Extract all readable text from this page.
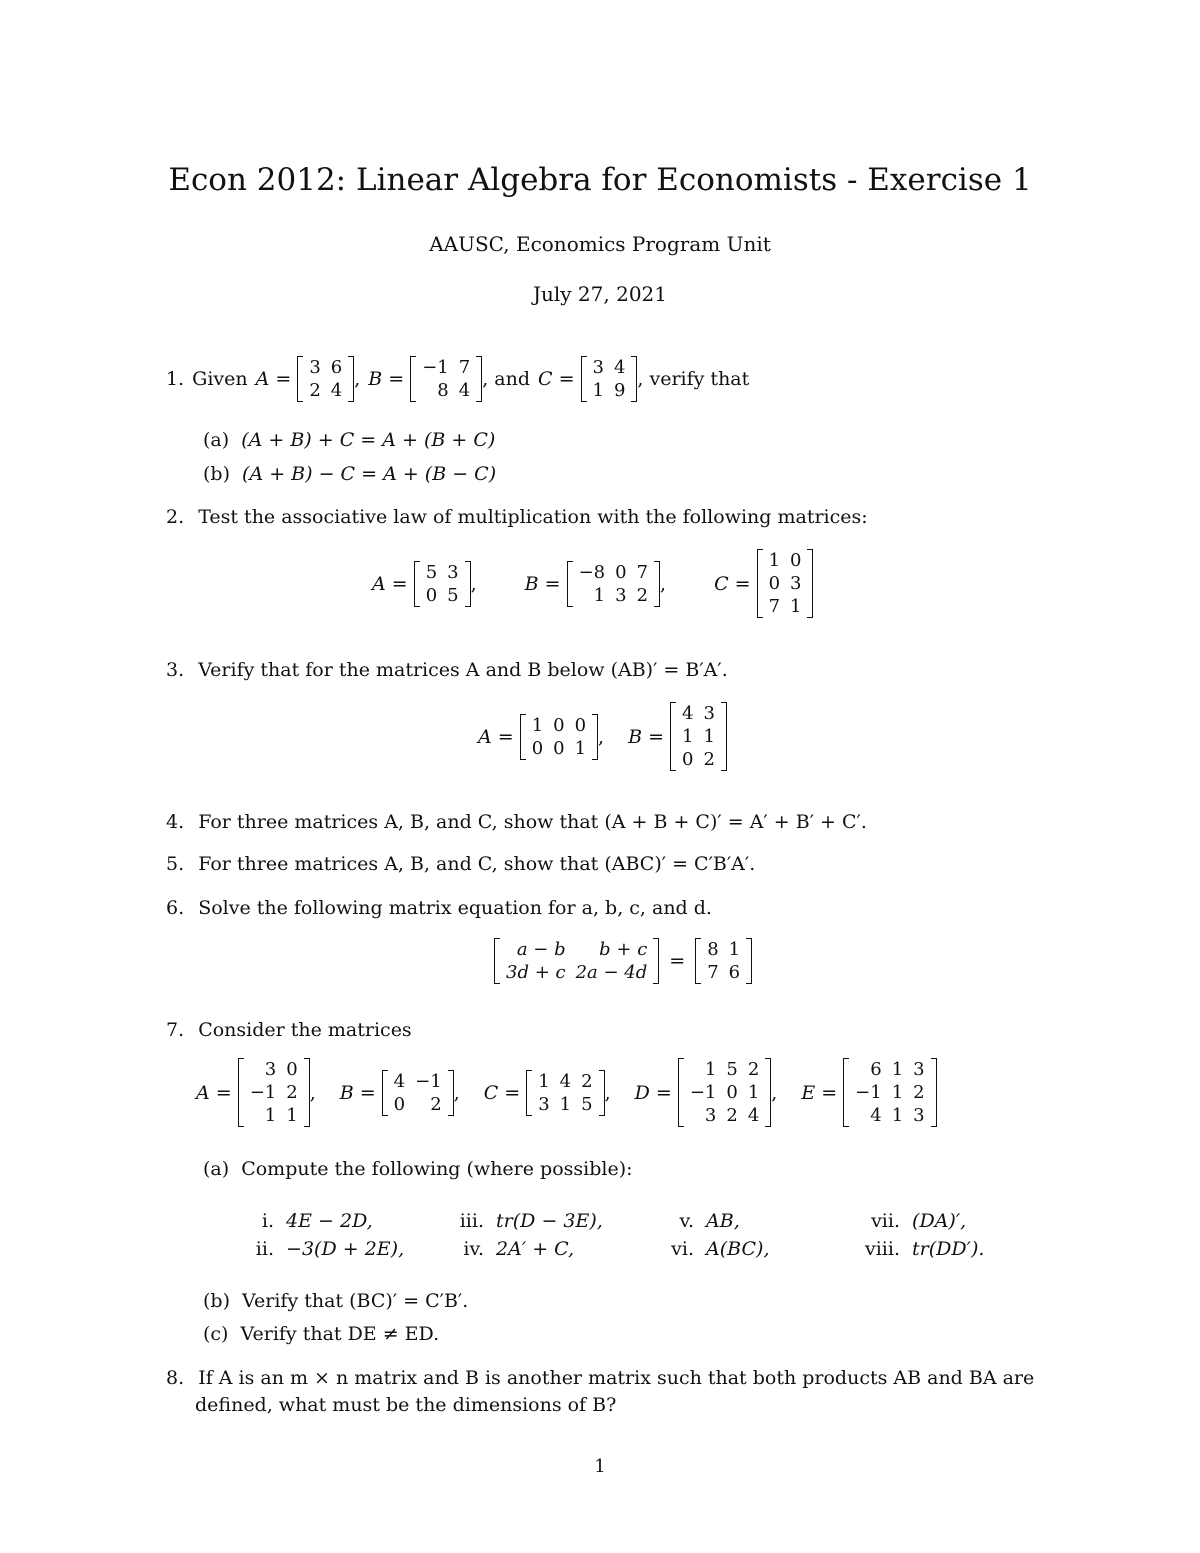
Econ 2012: Linear Algebra for Economists - Exercise 1
AAUSC, Economics Program Unit
July 27, 2021
1. Given A =
3	6
2	4
, B =
−1	7
8	4
, and C =
3	4
1	9
, verify that
(a) (A + B) + C = A + (B + C)
(b) (A + B) − C = A + (B − C)
2. Test the associative law of multiplication with the following matrices:
A =
5	3
0	5
,	B =
−8	0	7
1	3	2
,	C =
1	0
0	3
7	1
3. Verify that for the matrices A and B below (AB)′ = B′A′.
A =
1	0	0
0	0	1
, B =
4	3
1	1
0	2
4. For three matrices A, B, and C, show that (A + B + C)′ = A′ + B′ + C′.
5. For three matrices A, B, and C, show that (ABC)′ = C′B′A′.
6. Solve the following matrix equation for a, b, c, and d.
a − b	b + c
3d + c	2a − 4d
=
8	1
7	6
7. Consider the matrices
A =
3	0
−1	2
1	1
, B =
4	−1
0	2
, C =
1	4	2
3	1	5
, D =
1	5	2
−1	0	1
3	2	4
, E =
6	1	3
−1	1	2
4	1	3
(a) Compute the following (where possible):
i. 4E − 2D,
ii. −3(D + 2E),
iii. tr(D − 3E),
iv. 2A′ + C,
v. AB,
vi. A(BC),
vii. (DA)′,
viii. tr(DD′).
(b) Verify that (BC)′ = C′B′.
(c) Verify that DE ≠ ED.
8. If A is an m × n matrix and B is another matrix such that both products AB and BA are
defined, what must be the dimensions of B?
1
